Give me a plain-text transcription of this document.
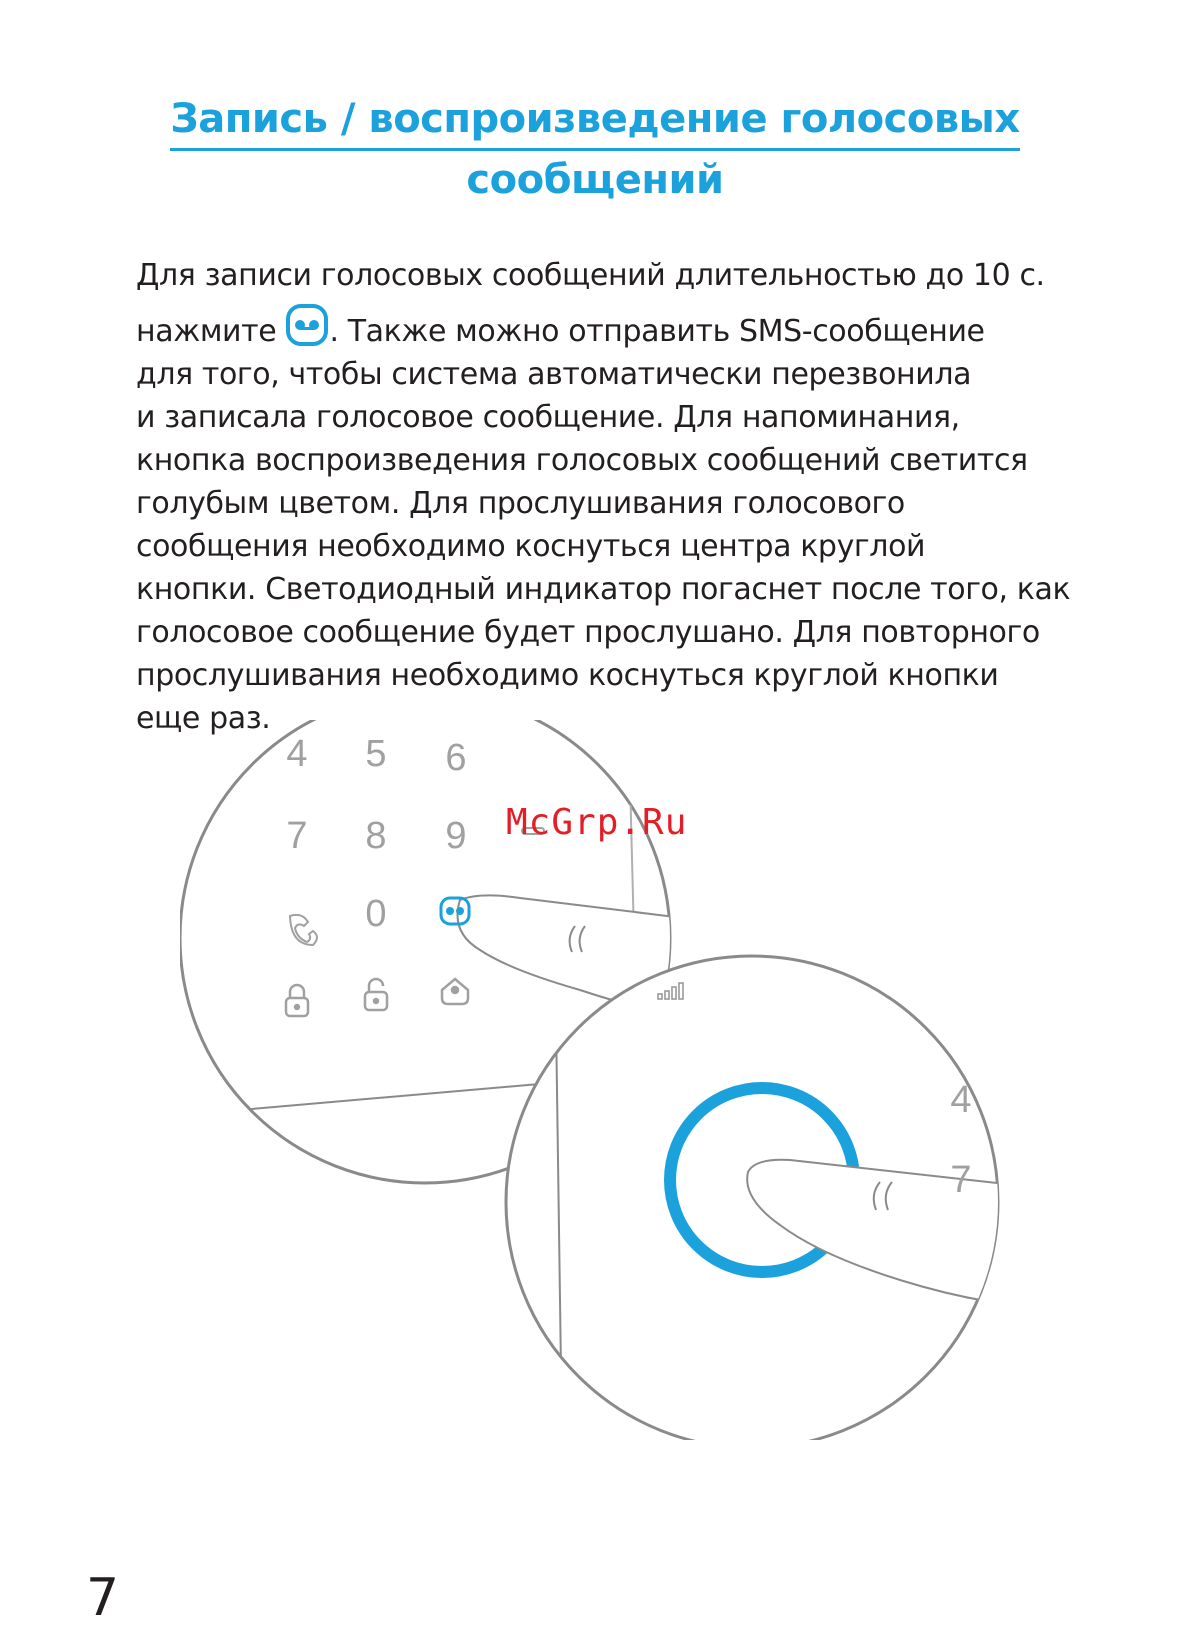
Запись / воспроизведение голосовых
сообщений
Для записи голосовых сообщений длительностью до 10 с.
нажмите . Также можно отправить SMS-сообщение
для того, чтобы система автоматически перезвонила
и записала голосовое сообщение. Для напоминания,
кнопка воспроизведения голосовых сообщений светится
голубым цветом. Для прослушивания голосового
сообщения необходимо коснуться центра круглой
кнопки. Светодиодный индикатор погаснет после того, как
голосовое сообщение будет прослушано. Для повторного
прослушивания необходимо коснуться круглой кнопки
еще раз.
4 5 6
7 8 9
0
4
7
McGrp.Ru
7
